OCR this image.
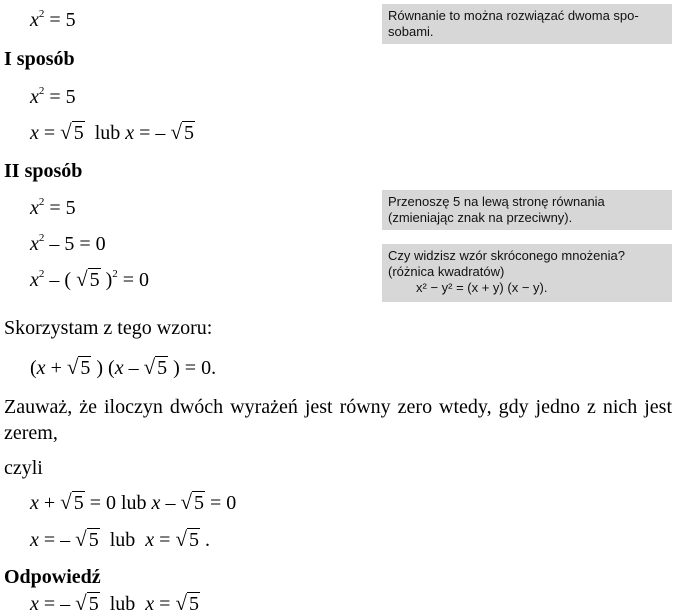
$x^2 = 5$	Równanie to można rozwiązać dwoma spo-sobami.
I sposób
$x^2 = 5$
x = √ 5 lub x = – √ 5
II sposób
$x^2 = 5$	Przenoszę 5 na lewą stronę równania (zmieniając znak na przeciwny).
$x^2 - 5 = 0$
Czy widzisz wzór skróconego mnożenia?
(różnica kwadratów)
x² − y² = (x + y) (x − y).
$x^2$ – ( √ 5 )$^2$ = 0
Skorzystam z tego wzoru:
(x + √ 5 ) (x – √ 5 ) = 0.
Zauważ, że iloczyn dwóch wyrażeń jest równy zero wtedy, gdy jedno z nich jest zerem,
czyli
x + √ 5 = 0 lub x – √ 5 = 0
x = – √ 5 lub x = √ 5 .
Odpowiedź
x = – √ 5 lub x = √ 5
